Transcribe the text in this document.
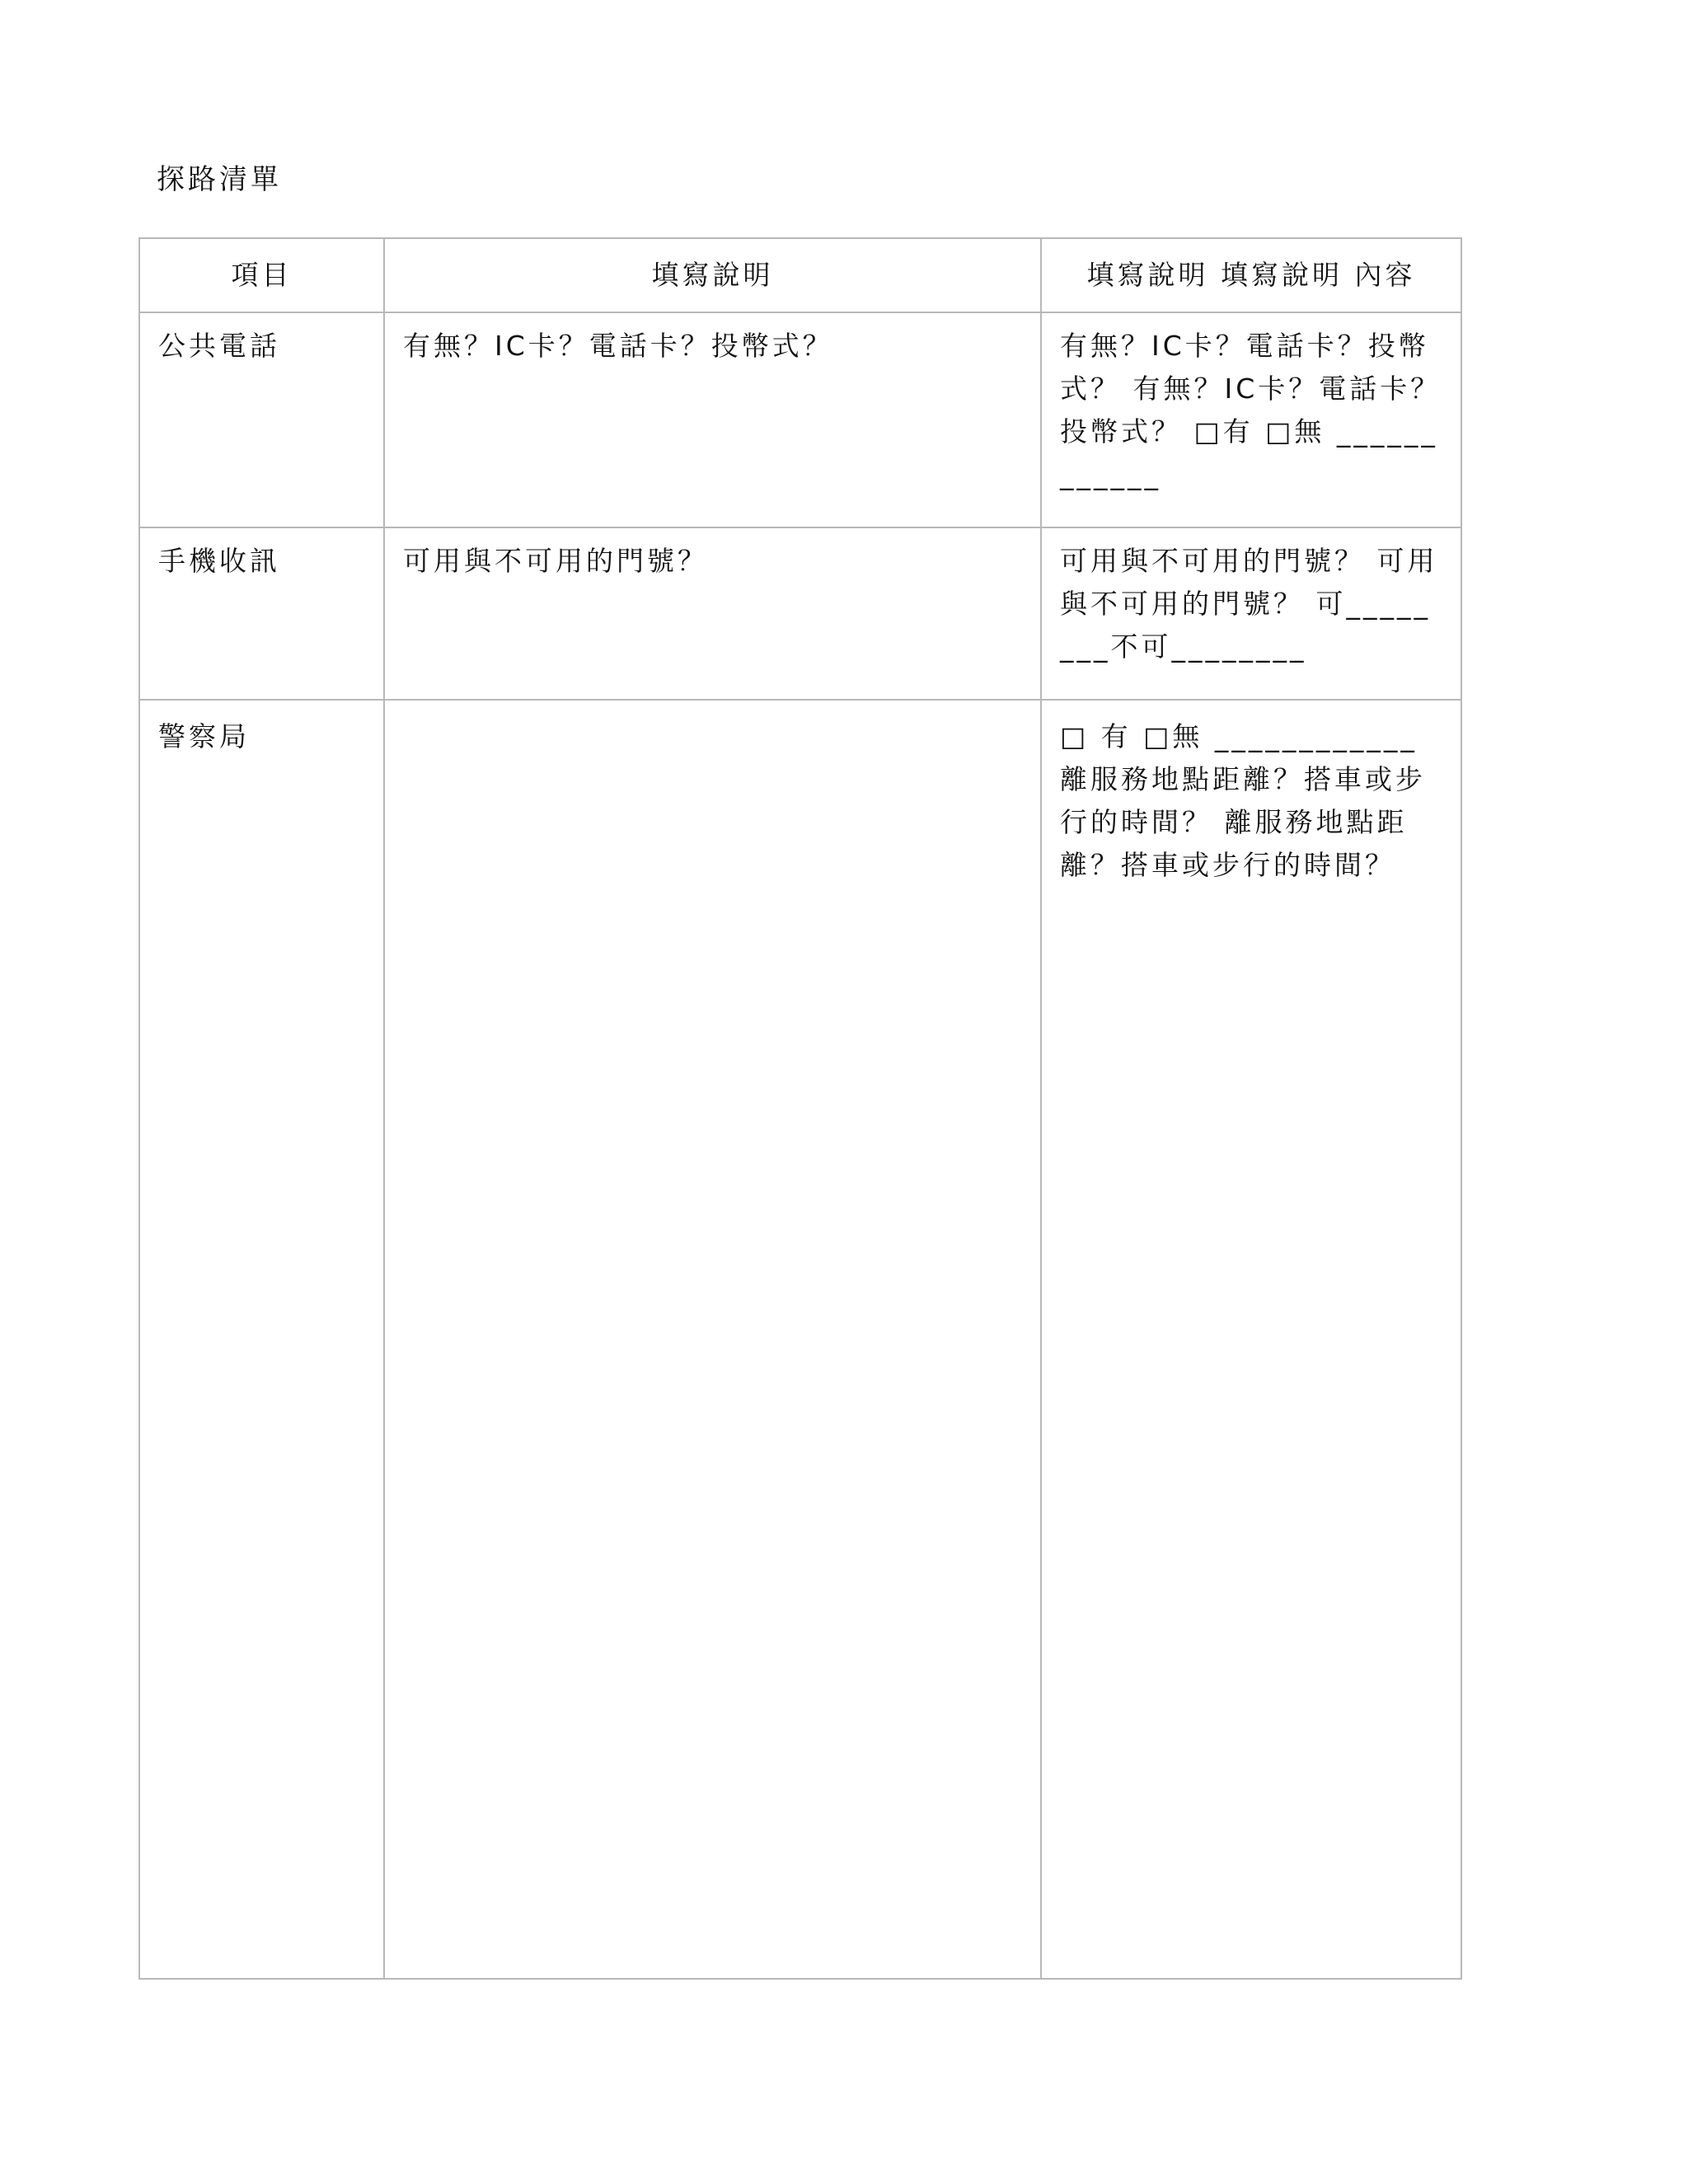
探路清單
項目	填寫說明	填寫說明 填寫說明 內容
公共電話	有無？IC卡？電話卡？投幣式？	有無？IC卡？電話卡？投幣式？ 有無？IC卡？電話卡？投幣式？ □有 □無 ____________
手機收訊	可用與不可用的門號？	可用與不可用的門號？ 可用與不可用的門號？ 可________不可________
警察局		□ 有 □無 ____________ 離服務地點距離？搭車或步行的時間？ 離服務地點距離？搭車或步行的時間？
